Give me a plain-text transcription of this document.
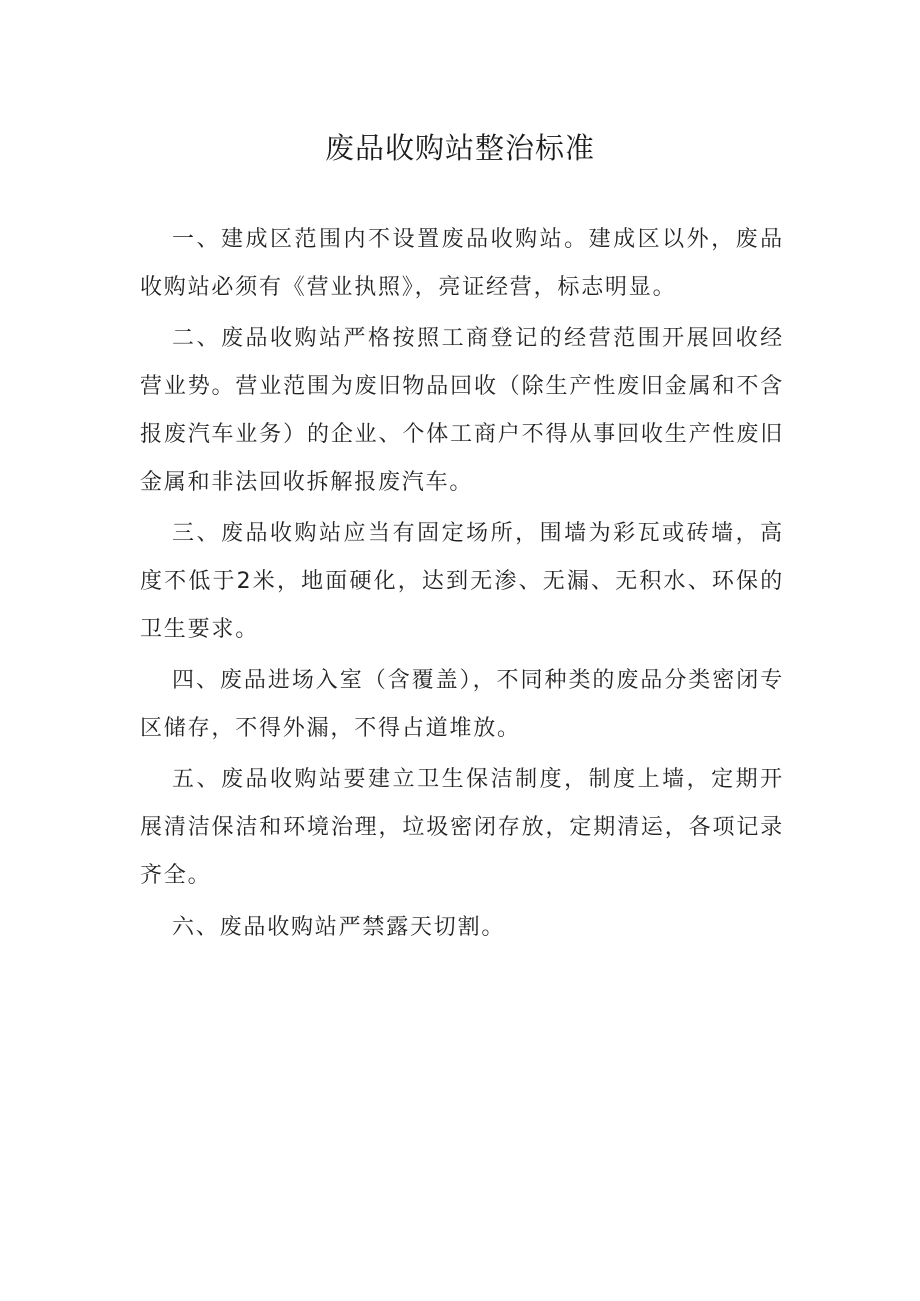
废品收购站整治标准

一、建成区范围内不设置废品收购站。建成区以外，废品收购站必须有《营业执照》，亮证经营，标志明显。

二、废品收购站严格按照工商登记的经营范围开展回收经营业势。营业范围为废旧物品回收（除生产性废旧金属和不含报废汽车业务）的企业、个体工商户不得从事回收生产性废旧金属和非法回收拆解报废汽车。

三、废品收购站应当有固定场所，围墙为彩瓦或砖墙，高度不低于2米，地面硬化，达到无渗、无漏、无积水、环保的卫生要求。

四、废品进场入室（含覆盖），不同种类的废品分类密闭专区储存，不得外漏，不得占道堆放。

五、废品收购站要建立卫生保洁制度，制度上墙，定期开展清洁保洁和环境治理，垃圾密闭存放，定期清运，各项记录齐全。

六、废品收购站严禁露天切割。
